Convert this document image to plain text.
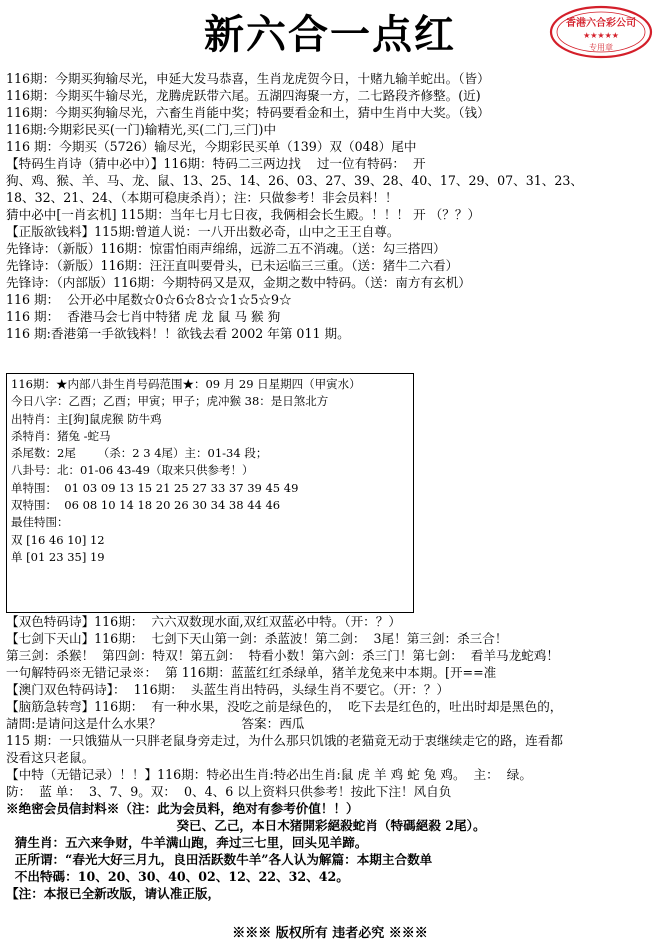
新六合一点红	香港六合彩公司
★★★★★
专用章
116期：今期买狗输尽光，申延大发马恭喜，生肖龙虎贺今日，十赌九输羊蛇出。（皆）
116期：今期买牛输尽光，龙腾虎跃带六尾。五湖四海聚一方，二七路段齐修整。(近)
116期：今期买狗输尽光，六畜生肖能中奖；特码要看金和土，猜中生肖中大奖。（钱）
116期:今期彩民买(一门)输精光,买(二门,三门)中
116 期：今期买（5726）输尽光，今期彩民买单（139）双（048）尾中
【特码生肖诗（猜中必中）】116期：特码二三两边找    过一位有特码：  开
狗、鸡、猴、羊、马、龙、鼠、13、25、14、26、03、27、39、28、40、17、29、07、31、23、
18、32、21、24、（本期可稳庚杀肖）；注：只做参考！非会员料！！
猜中必中[一肖玄机] 115期：当年七月七日夜，我俩相会长生殿。！！！ 开 （？？）
【正版欲钱料】115期:曾道人说：一八开出数必奇，山中之王王自尊。
先锋诗：（新版）116期：惊雷怕雨声绵绵，远游二五不消魂。（送：勾三搭四）
先锋诗：（新版）116期：汪汪直叫要骨头，已未运临三三重。（送：猪牛二六看）
先锋诗：（内部版）116期：今期特码又是双，金期之数中特码。（送：南方有玄机）
116 期：  公开必中尾数☆0☆6☆8☆☆1☆5☆9☆
116 期：  香港马会七肖中特猪 虎 龙 鼠 马 猴 狗
116 期:香港第一手欲钱料！！欲钱去看 2002 年第 011 期。
116期：★内部八卦生肖号码范围★：09 月 29 日星期四（甲寅水）
今日八字：乙酉；乙酉；甲寅；甲子；虎冲猴 38：是日煞北方
出特肖：主[狗]鼠虎猴 防牛鸡
杀特肖：猪兔 -蛇马
杀尾数：2尾      （杀：2 3 4尾）主：01-34 段；
八卦号：北：01-06 43-49（取来只供参考！）
单特围：  01 03 09 13 15 21 25 27 33 37 39 45 49
双特围：  06 08 10 14 18 20 26 30 34 38 44 46
最佳特围：
双 [16 46 10] 12
单 [01 23 35] 19
【双色特码诗】116期：  六六双数现水面,双红双蓝必中特。（开：？）
【七剑下天山】116期：  七剑下天山第一剑：杀蓝波！第二剑：  3尾！第三剑：杀三合！
第三剑：杀猴！  第四剑：特双！第五剑：  特看小数！第六剑：杀三门！第七剑：  看羊马龙蛇鸡！
一句解特码※无错记录※：  第 116期：蓝蓝红红杀绿单，猪羊龙兔来中本期。[开==准
【澳门双色特码诗】：  116期：  头蓝生肖出特码，头绿生肖不要它。（开：？）
【脑筋急转弯】116期：  有一种水果，没吃之前是绿色的，  吃下去是红色的，吐出时却是黑色的，
請問:是请问这是什么水果？                    答案：西瓜
115 期：一只饿猫从一只胖老鼠身旁走过，为什么那只饥饿的老猫竟无动于衷继续走它的路，连看都
没看这只老鼠。
【中特（无错记录）！！】116期：特必出生肖:特必出生肖:鼠 虎 羊 鸡 蛇 兔 鸡。  主：  绿。
防：  蓝 单：  3、7、9。双：  0、4、6 以上资料只供参考！按此下注！风自负
※绝密会员信封料※（注：此为会员料，绝对有参考价值！！）
癸已、乙己，本日木猪開彩絕殺蛇肖（特碼絕殺 2尾）。
猜生肖：五六来争财，牛羊满山跑，奔过三七里，回头见羊蹄。
正所谓：“春光大好三月九，良田活跃数牛羊”各人认为解篇：本期主合数单
不出特碼：10、20、30、40、02、12、22、32、42。
【注：本报已全新改版，请认准正版，
※※※ 版权所有 违者必究 ※※※
